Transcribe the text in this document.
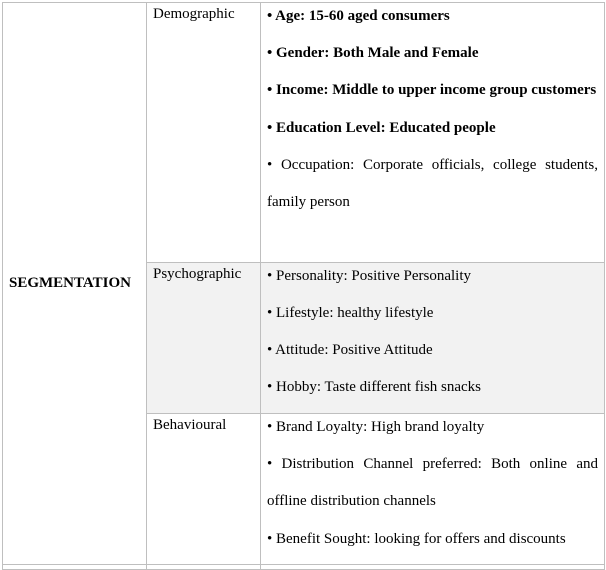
SEGMENTATION	Demographic	• Age: 15-60 aged consumers

• Gender: Both Male and Female

• Income: Middle to upper income group customers

• Education Level: Educated people

• Occupation: Corporate officials, college students, family person

	Psychographic	• Personality: Positive Personality

• Lifestyle: healthy lifestyle

• Attitude: Positive Attitude

• Hobby: Taste different fish snacks

	Behavioural	• Brand Loyalty: High brand loyalty

• Distribution Channel preferred: Both online and offline distribution channels

• Benefit Sought: looking for offers and discounts
